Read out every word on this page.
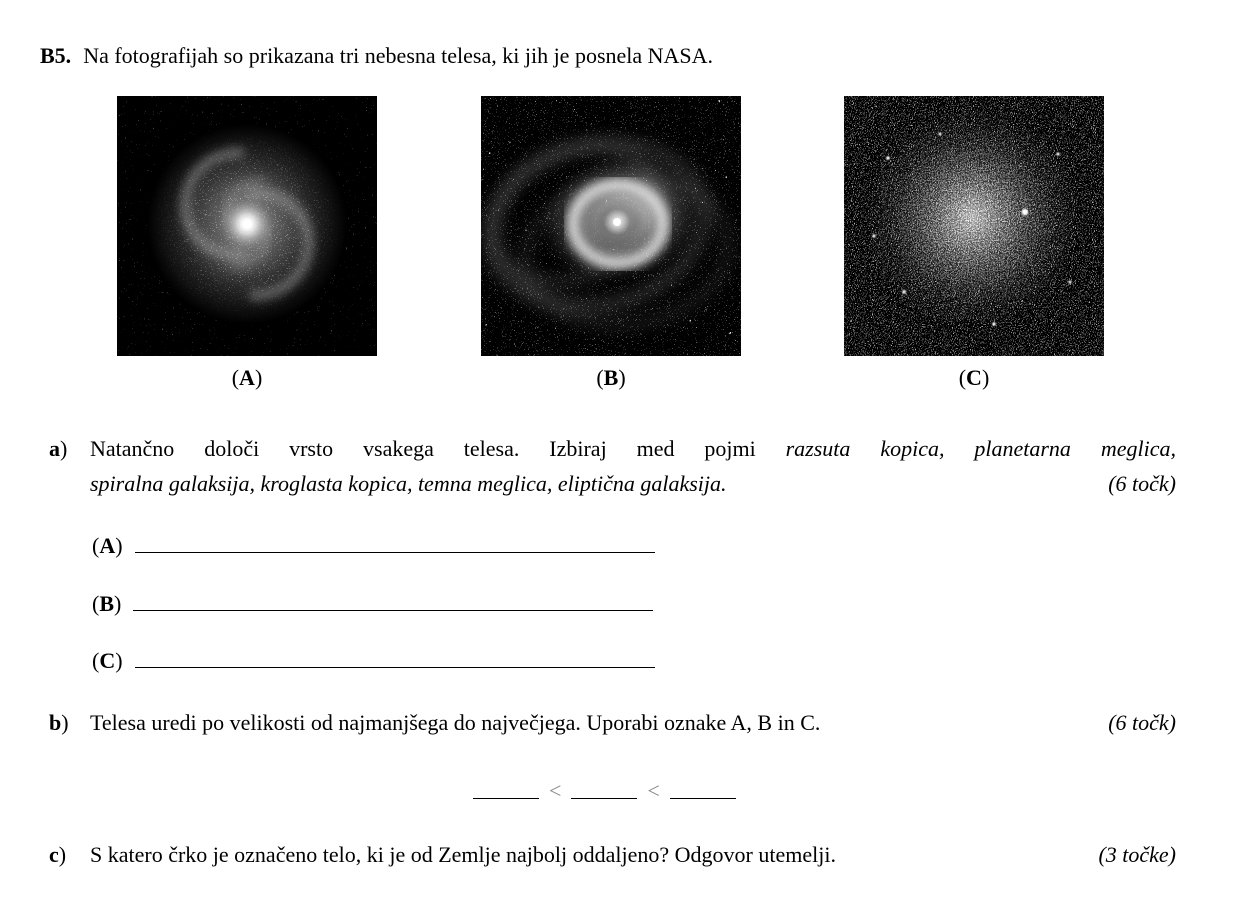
B5. Na fotografijah so prikazana tri nebesna telesa, ki jih je posnela NASA.
(A)	(B)	(C)
a)	Natančno določi vrsto vsakega telesa. Izbiraj med pojmi razsuta kopica, planetarna meglica,
spiralna galaksija, kroglasta kopica, temna meglica, eliptična galaksija.	(6 točk)
(A)
(B)
(C)
b) Telesa uredi po velikosti od najmanjšega do največjega. Uporabi oznake A, B in C.	(6 točk)
<	<
c)	S katero črko je označeno telo, ki je od Zemlje najbolj oddaljeno? Odgovor utemelji.	(3 točke)
